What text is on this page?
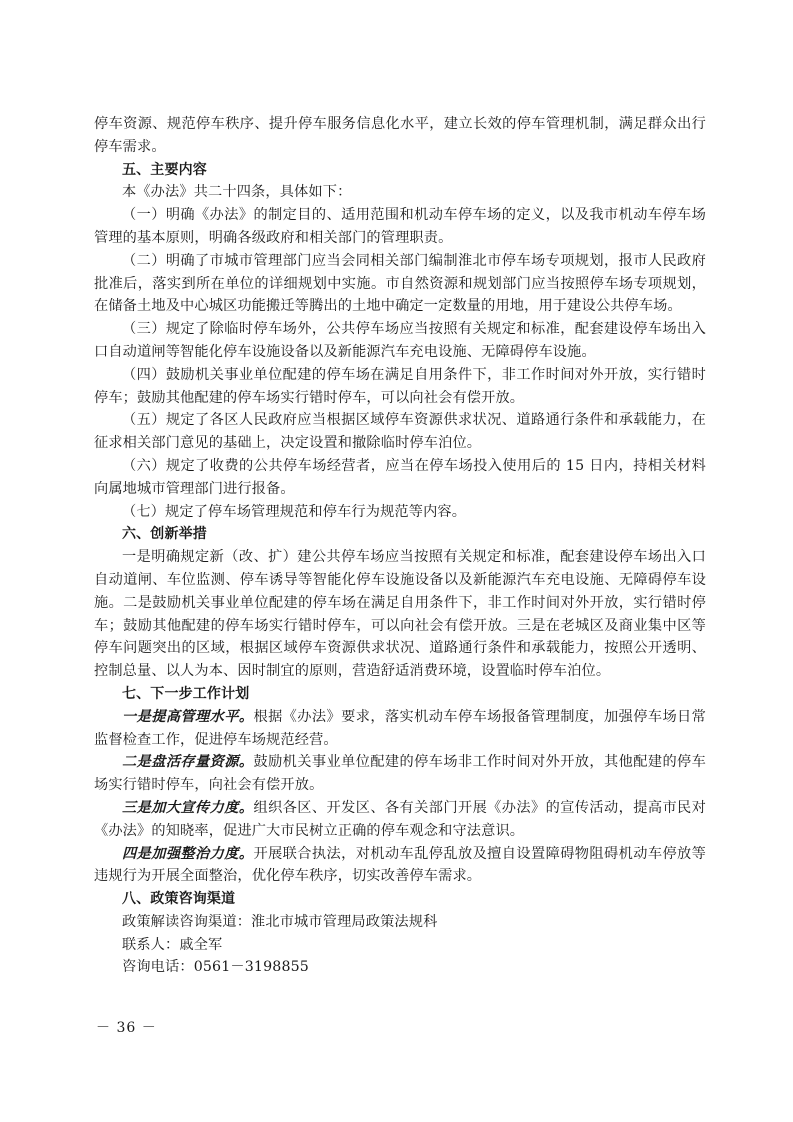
停车资源、规范停车秩序、提升停车服务信息化水平，建立长效的停车管理机制，满足群众出行停车需求。

五、主要内容

本《办法》共二十四条，具体如下：

（一）明确《办法》的制定目的、适用范围和机动车停车场的定义，以及我市机动车停车场管理的基本原则，明确各级政府和相关部门的管理职责。

（二）明确了市城市管理部门应当会同相关部门编制淮北市停车场专项规划，报市人民政府批准后，落实到所在单位的详细规划中实施。市自然资源和规划部门应当按照停车场专项规划，在储备土地及中心城区功能搬迁等腾出的土地中确定一定数量的用地，用于建设公共停车场。

（三）规定了除临时停车场外，公共停车场应当按照有关规定和标准，配套建设停车场出入口自动道闸等智能化停车设施设备以及新能源汽车充电设施、无障碍停车设施。

（四）鼓励机关事业单位配建的停车场在满足自用条件下，非工作时间对外开放，实行错时停车；鼓励其他配建的停车场实行错时停车，可以向社会有偿开放。

（五）规定了各区人民政府应当根据区域停车资源供求状况、道路通行条件和承载能力，在征求相关部门意见的基础上，决定设置和撤除临时停车泊位。

（六）规定了收费的公共停车场经营者，应当在停车场投入使用后的 15 日内，持相关材料向属地城市管理部门进行报备。

（七）规定了停车场管理规范和停车行为规范等内容。

六、创新举措

一是明确规定新（改、扩）建公共停车场应当按照有关规定和标准，配套建设停车场出入口自动道闸、车位监测、停车诱导等智能化停车设施设备以及新能源汽车充电设施、无障碍停车设施。二是鼓励机关事业单位配建的停车场在满足自用条件下，非工作时间对外开放，实行错时停车；鼓励其他配建的停车场实行错时停车，可以向社会有偿开放。三是在老城区及商业集中区等停车问题突出的区域，根据区域停车资源供求状况、道路通行条件和承载能力，按照公开透明、控制总量、以人为本、因时制宜的原则，营造舒适消费环境，设置临时停车泊位。

七、下一步工作计划

一是提高管理水平。根据《办法》要求，落实机动车停车场报备管理制度，加强停车场日常监督检查工作，促进停车场规范经营。

二是盘活存量资源。鼓励机关事业单位配建的停车场非工作时间对外开放，其他配建的停车场实行错时停车，向社会有偿开放。

三是加大宣传力度。组织各区、开发区、各有关部门开展《办法》的宣传活动，提高市民对《办法》的知晓率，促进广大市民树立正确的停车观念和守法意识。

四是加强整治力度。开展联合执法，对机动车乱停乱放及擅自设置障碍物阻碍机动车停放等违规行为开展全面整治，优化停车秩序，切实改善停车需求。

八、政策咨询渠道

政策解读咨询渠道：淮北市城市管理局政策法规科

联系人：戚全军

咨询电话：0561－3198855

－ 36 －
